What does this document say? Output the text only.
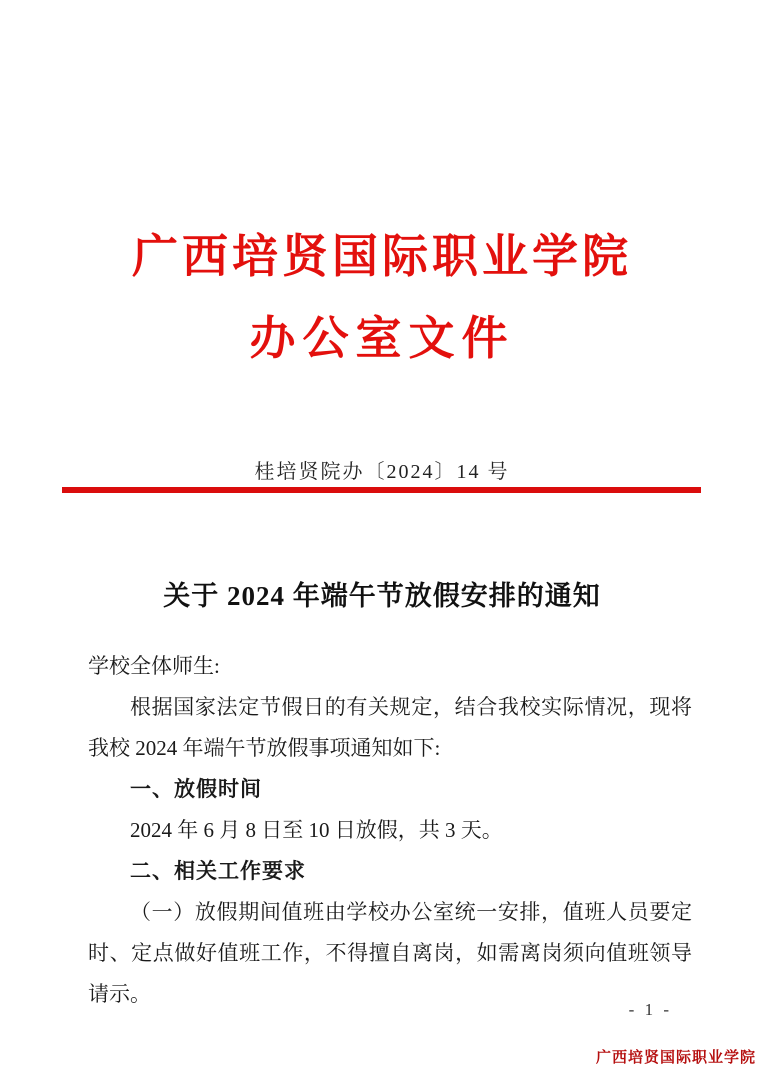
广西培贤国际职业学院
办公室文件
桂培贤院办〔2024〕14 号
关于 2024 年端午节放假安排的通知

学校全体师生:

根据国家法定节假日的有关规定，结合我校实际情况，现将我校 2024 年端午节放假事项通知如下:

一、放假时间

2024 年 6 月 8 日至 10 日放假，共 3 天。

二、相关工作要求

（一）放假期间值班由学校办公室统一安排，值班人员要定时、定点做好值班工作，不得擅自离岗，如需离岗须向值班领导请示。

- 1 -
广西培贤国际职业学院
